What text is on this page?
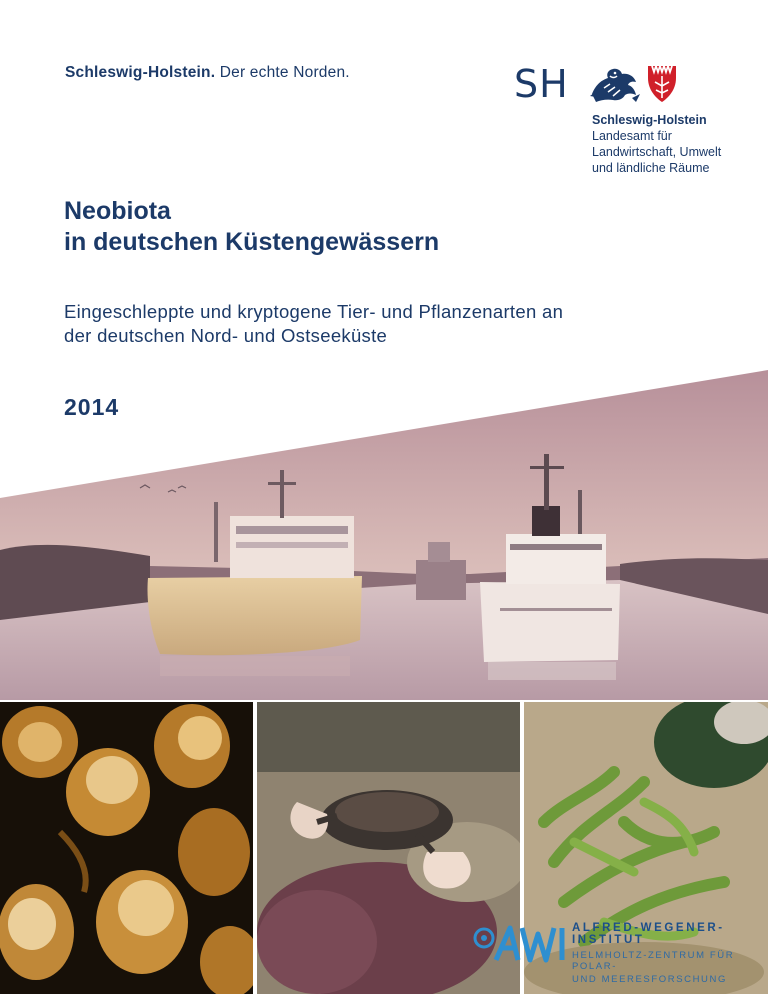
Schleswig-Holstein. Der echte Norden.	SH
Schleswig-Holstein
Landesamt für
Landwirtschaft, Umwelt
und ländliche Räume
Neobiota
in deutschen Küstengewässern

Eingeschleppte und kryptogene Tier- und Pflanzenarten an
der deutschen Nord- und Ostseeküste

2014
ALFRED-WEGENER-INSTITUT
HELMHOLTZ-ZENTRUM FÜR POLAR-
UND MEERESFORSCHUNG
